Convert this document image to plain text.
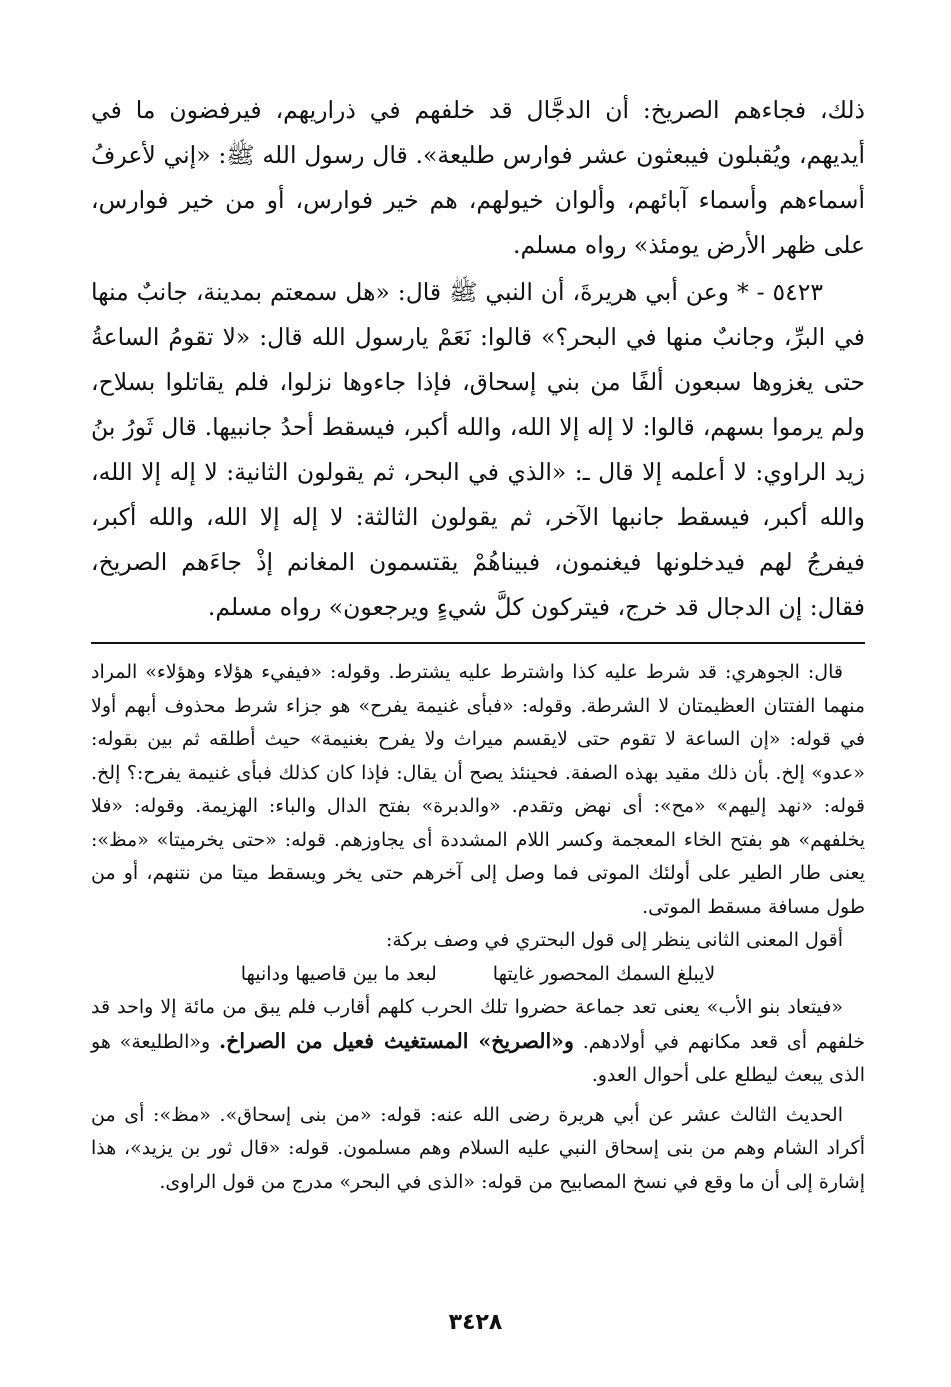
ذلك، فجاءهم الصريخ: أن الدجَّال قد خلفهم في ذراريهم، فيرفضون ما في أيديهم، ويُقبلون فيبعثون عشر فوارس طليعة». قال رسول الله ﷺ: «إني لأعرفُ أسماءهم وأسماء آبائهم، وألوان خيولهم، هم خير فوارس، أو من خير فوارس، على ظهر الأرض يومئذ» رواه مسلم.

٥٤٢٣ - * وعن أبي هريرةَ، أن النبي ﷺ قال: «هل سمعتم بمدينة، جانبٌ منها في البرِّ، وجانبٌ منها في البحر؟» قالوا: نَعَمْ يارسول الله قال: «لا تقومُ الساعةُ حتى يغزوها سبعون ألفًا من بني إسحاق، فإذا جاءوها نزلوا، فلم يقاتلوا بسلاح، ولم يرموا بسهم، قالوا: لا إله إلا الله، والله أكبر، فيسقط أحدُ جانبيها. قال ثَورُ بنُ زيد الراوي: لا أعلمه إلا قال ـ: «الذي في البحر، ثم يقولون الثانية: لا إله إلا الله، والله أكبر، فيسقط جانبها الآخر، ثم يقولون الثالثة: لا إله إلا الله، والله أكبر، فيفرجُ لهم فيدخلونها فيغنمون، فبيناهُمْ يقتسمون المغانم إذْ جاءَهم الصريخ، فقال: إن الدجال قد خرج، فيتركون كلَّ شيءٍ ويرجعون» رواه مسلم.

قال: الجوهري: قد شرط عليه كذا واشترط عليه يشترط. وقوله: «فيفيء هؤلاء وهؤلاء» المراد منهما الفتتان العظيمتان لا الشرطة. وقوله: «فبأى غنيمة يفرح» هو جزاء شرط محذوف أبهم أولا في قوله: «إن الساعة لا تقوم حتى لايقسم ميراث ولا يفرح بغنيمة» حيث أطلقه ثم بين بقوله: «عدو» إلخ. بأن ذلك مقيد بهذه الصفة. فحينئذ يصح أن يقال: فإذا كان كذلك فبأى غنيمة يفرح:؟ إلخ. قوله: «نهد إليهم» «مح»: أى نهض وتقدم. «والدبرة» بفتح الدال والباء: الهزيمة. وقوله: «فلا يخلفهم» هو بفتح الخاء المعجمة وكسر اللام المشددة أى يجاوزهم. قوله: «حتى يخرميتا» «مظ»: يعنى طار الطير على أولئك الموتى فما وصل إلى آخرهم حتى يخر ويسقط ميتا من نتنهم، أو من طول مسافة مسقط الموتى.

أقول المعنى الثانى ينظر إلى قول البحتري في وصف بركة:

لايبلغ السمك المحصور غايتها
لبعد ما بين قاصيها ودانيها

«فيتعاد بنو الأب» يعنى تعد جماعة حضروا تلك الحرب كلهم أقارب فلم يبق من مائة إلا واحد قد خلفهم أى قعد مكانهم في أولادهم. و«الصريخ» المستغيث فعيل من الصراخ. و«الطليعة» هو الذى يبعث ليطلع على أحوال العدو.

الحديث الثالث عشر عن أبي هريرة رضى الله عنه: قوله: «من بنى إسحاق». «مظ»: أى من أكراد الشام وهم من بنى إسحاق النبي عليه السلام وهم مسلمون. قوله: «قال ثور بن يزيد»، هذا إشارة إلى أن ما وقع في نسخ المصابيح من قوله: «الذى في البحر» مدرج من قول الراوى.

٣٤٢٨
